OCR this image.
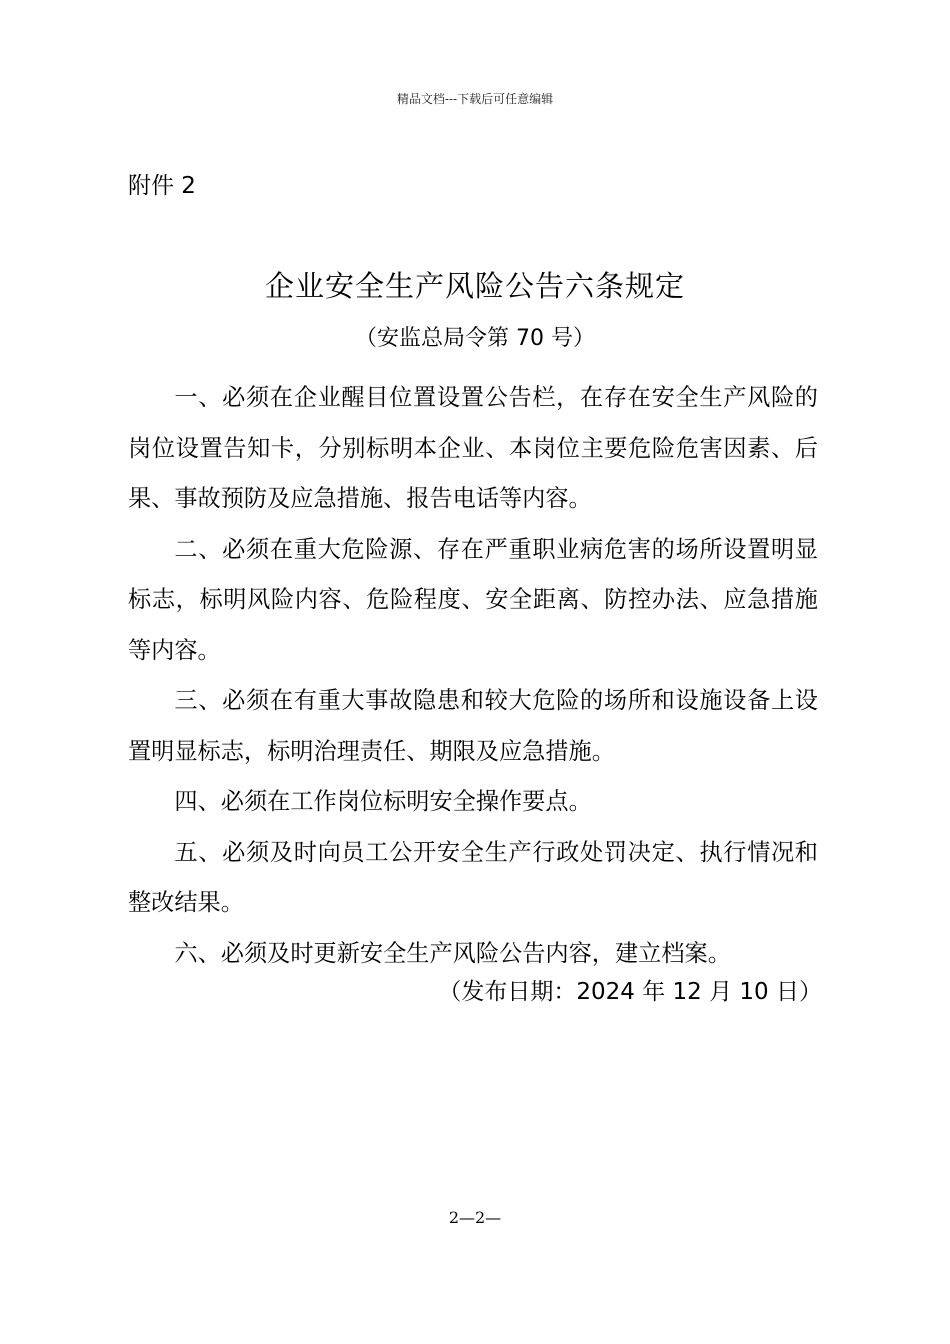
精品文档---下载后可任意编辑
附件 2
企业安全生产风险公告六条规定
（安监总局令第 70 号）

一、必须在企业醒目位置设置公告栏，在存在安全生产风险的岗位设置告知卡，分别标明本企业、本岗位主要危险危害因素、后果、事故预防及应急措施、报告电话等内容。

二、必须在重大危险源、存在严重职业病危害的场所设置明显标志，标明风险内容、危险程度、安全距离、防控办法、应急措施等内容。

三、必须在有重大事故隐患和较大危险的场所和设施设备上设置明显标志，标明治理责任、期限及应急措施。

四、必须在工作岗位标明安全操作要点。

五、必须及时向员工公开安全生产行政处罚决定、执行情况和整改结果。

六、必须及时更新安全生产风险公告内容，建立档案。

（发布日期：2024 年 12 月 10 日）
2—2—
